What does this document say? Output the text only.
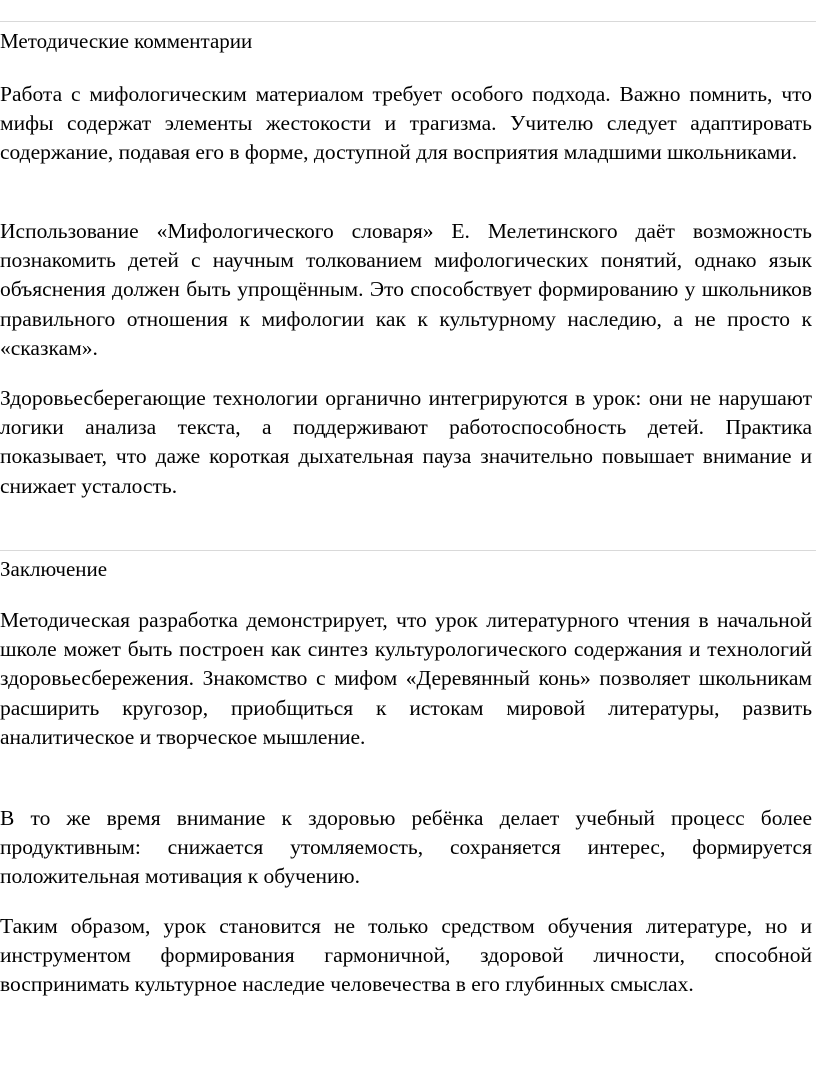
Методические комментарии

Работа с мифологическим материалом требует особого подхода. Важно помнить, что мифы содержат элементы жестокости и трагизма. Учителю следует адаптировать содержание, подавая его в форме, доступной для восприятия младшими школьниками.

Использование «Мифологического словаря» Е. Мелетинского даёт возможность познакомить детей с научным толкованием мифологических понятий, однако язык объяснения должен быть упрощённым. Это способствует формированию у школьников правильного отношения к мифологии как к культурному наследию, а не просто к «сказкам».

Здоровьесберегающие технологии органично интегрируются в урок: они не нарушают логики анализа текста, а поддерживают работоспособность детей. Практика показывает, что даже короткая дыхательная пауза значительно повышает внимание и снижает усталость.

Заключение

Методическая разработка демонстрирует, что урок литературного чтения в начальной школе может быть построен как синтез культурологического содержания и технологий здоровьесбережения. Знакомство с мифом «Деревянный конь» позволяет школьникам расширить кругозор, приобщиться к истокам мировой литературы, развить аналитическое и творческое мышление.

В то же время внимание к здоровью ребёнка делает учебный процесс более продуктивным: снижается утомляемость, сохраняется интерес, формируется положительная мотивация к обучению.

Таким образом, урок становится не только средством обучения литературе, но и инструментом формирования гармоничной, здоровой личности, способной воспринимать культурное наследие человечества в его глубинных смыслах.
